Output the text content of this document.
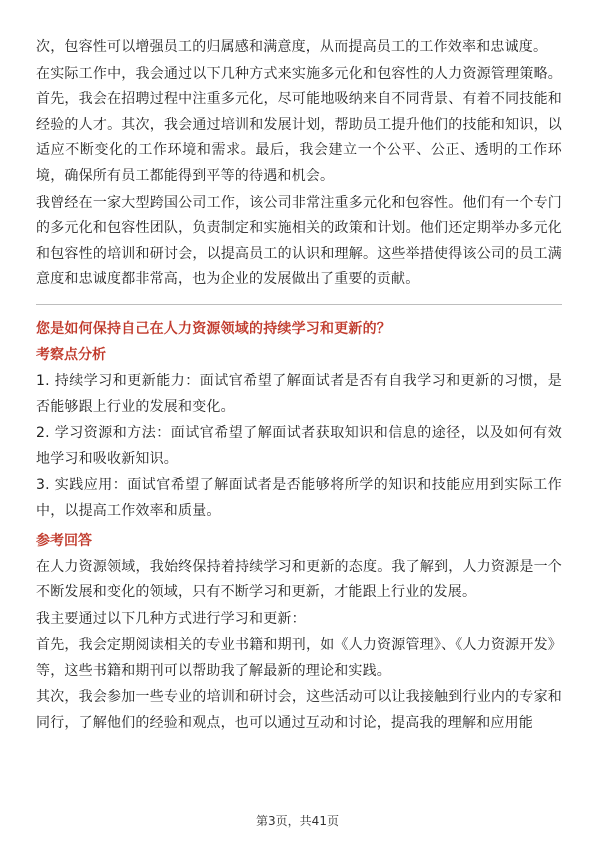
次，包容性可以增强员工的归属感和满意度，从而提高员工的工作效率和忠诚度。

在实际工作中，我会通过以下几种方式来实施多元化和包容性的人力资源管理策略。首先，我会在招聘过程中注重多元化，尽可能地吸纳来自不同背景、有着不同技能和经验的人才。其次，我会通过培训和发展计划，帮助员工提升他们的技能和知识，以适应不断变化的工作环境和需求。最后，我会建立一个公平、公正、透明的工作环境，确保所有员工都能得到平等的待遇和机会。

我曾经在一家大型跨国公司工作，该公司非常注重多元化和包容性。他们有一个专门的多元化和包容性团队，负责制定和实施相关的政策和计划。他们还定期举办多元化和包容性的培训和研讨会，以提高员工的认识和理解。这些举措使得该公司的员工满意度和忠诚度都非常高，也为企业的发展做出了重要的贡献。

您是如何保持自己在人力资源领域的持续学习和更新的？
考察点分析

1. 持续学习和更新能力：面试官希望了解面试者是否有自我学习和更新的习惯，是否能够跟上行业的发展和变化。

2. 学习资源和方法：面试官希望了解面试者获取知识和信息的途径，以及如何有效地学习和吸收新知识。

3. 实践应用：面试官希望了解面试者是否能够将所学的知识和技能应用到实际工作中，以提高工作效率和质量。

参考回答

在人力资源领域，我始终保持着持续学习和更新的态度。我了解到，人力资源是一个不断发展和变化的领域，只有不断学习和更新，才能跟上行业的发展。

我主要通过以下几种方式进行学习和更新：

首先，我会定期阅读相关的专业书籍和期刊，如《人力资源管理》、《人力资源开发》等，这些书籍和期刊可以帮助我了解最新的理论和实践。

其次，我会参加一些专业的培训和研讨会，这些活动可以让我接触到行业内的专家和同行，了解他们的经验和观点，也可以通过互动和讨论，提高我的理解和应用能

第3页，共41页
